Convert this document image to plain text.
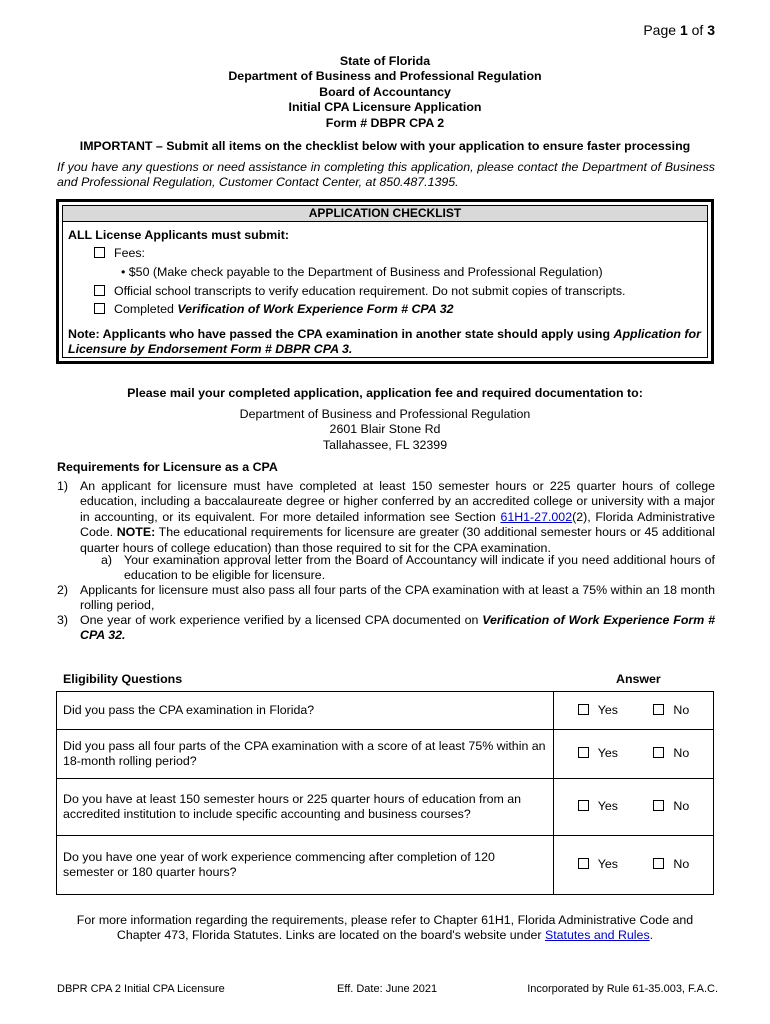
Page 1 of 3
State of Florida
Department of Business and Professional Regulation
Board of Accountancy
Initial CPA Licensure Application
Form # DBPR CPA 2
IMPORTANT – Submit all items on the checklist below with your application to ensure faster processing
If you have any questions or need assistance in completing this application, please contact the Department of Business and Professional Regulation, Customer Contact Center, at 850.487.1395.
APPLICATION CHECKLIST
ALL License Applicants must submit:
Fees:
• $50 (Make check payable to the Department of Business and Professional Regulation)
Official school transcripts to verify education requirement. Do not submit copies of transcripts.
Completed Verification of Work Experience Form # CPA 32
Note: Applicants who have passed the CPA examination in another state should apply using Application for Licensure by Endorsement Form # DBPR CPA 3.
Please mail your completed application, application fee and required documentation to:
Department of Business and Professional Regulation
2601 Blair Stone Rd
Tallahassee, FL 32399
Requirements for Licensure as a CPA
1) An applicant for licensure must have completed at least 150 semester hours or 225 quarter hours of college education, including a baccalaureate degree or higher conferred by an accredited college or university with a major in accounting, or its equivalent. For more detailed information see Section 61H1-27.002(2), Florida Administrative Code. NOTE: The educational requirements for licensure are greater (30 additional semester hours or 45 additional quarter hours of college education) than those required to sit for the CPA examination.
a) Your examination approval letter from the Board of Accountancy will indicate if you need additional hours of education to be eligible for licensure.
2) Applicants for licensure must also pass all four parts of the CPA examination with at least a 75% within an 18 month rolling period,
3) One year of work experience verified by a licensed CPA documented on Verification of Work Experience Form # CPA 32.
Eligibility Questions	Answer
Did you pass the CPA examination in Florida?	Yes No

Did you pass all four parts of the CPA examination with a score of at least 75% within an 18-month rolling period?	Yes No

Do you have at least 150 semester hours or 225 quarter hours of education from an accredited institution to include specific accounting and business courses?	Yes No

Do you have one year of work experience commencing after completion of 120 semester or 180 quarter hours?	Yes No
For more information regarding the requirements, please refer to Chapter 61H1, Florida Administrative Code and Chapter 473, Florida Statutes. Links are located on the board's website under Statutes and Rules.
DBPR CPA 2 Initial CPA Licensure	Eff. Date: June 2021	Incorporated by Rule 61-35.003, F.A.C.
